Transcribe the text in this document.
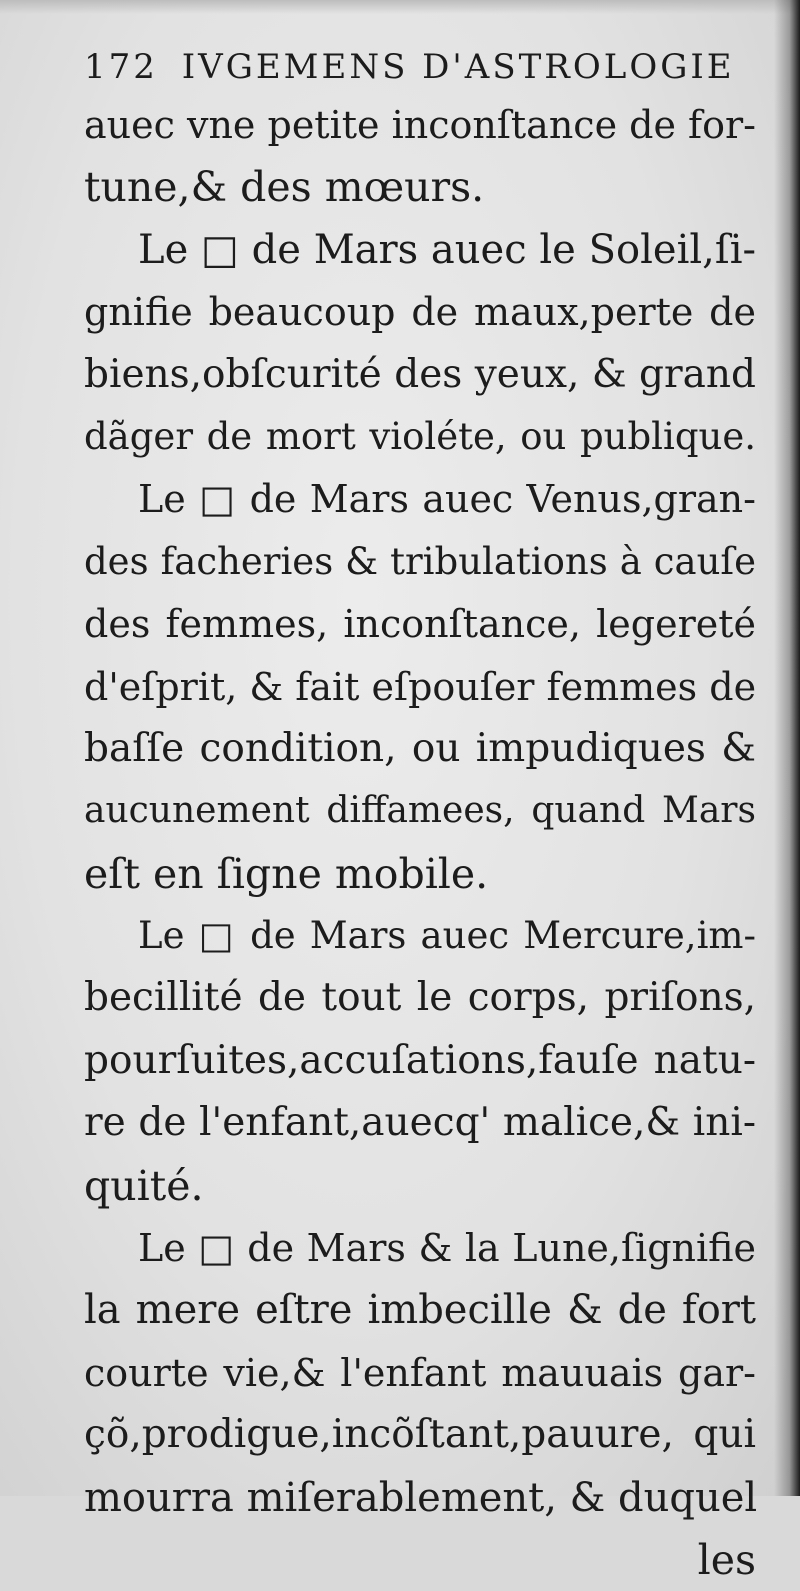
172 IVGEMENS D'ASTROLOGIE
auec vne petite inconſtance de for-
tune,& des mœurs.
Le □ de Mars auec le Soleil,ſi-
gnifie beaucoup de maux,perte de
biens,obſcurité des yeux, & grand
dãger de mort violéte, ou publique.
Le □ de Mars auec Venus,gran-
des facheries & tribulations à cauſe
des femmes, inconſtance, legereté
d'eſprit, & fait eſpouſer femmes de
baſſe condition, ou impudiques &
aucunement diffamees, quand Mars
eſt en ſigne mobile.
Le □ de Mars auec Mercure,im-
becillité de tout le corps, priſons,
pourſuites,accuſations,fauſe natu-
re de l'enfant,auecq' malice,& ini-
quité.
Le □ de Mars & la Lune,ſignifie
la mere eſtre imbecille & de fort
courte vie,& l'enfant mauuais gar-
çõ,prodigue,incõſtant,pauure, qui
mourra miſerablement, & duquel
les
